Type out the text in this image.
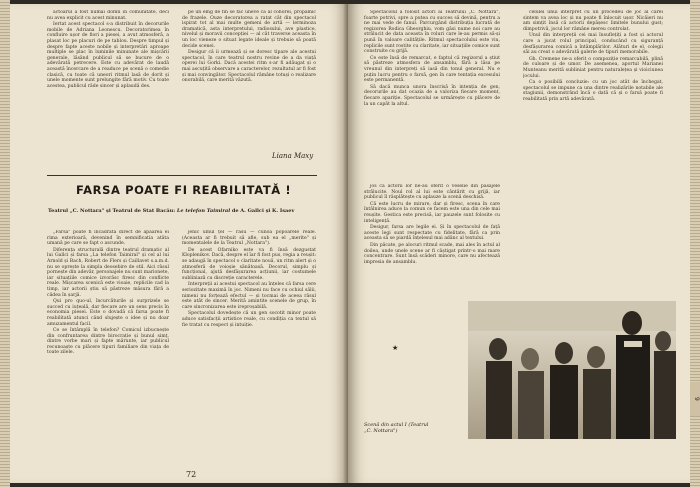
actoarul a fost numai domn în comunitate, deci nu avea explicit cu acest minunat.

Iertat acest spectacol s-a distribuit în decorurile mobile de Adriana Leonescu. Decoratorimea în confluire ușor de fiori a piesei, a avut atmosferă, a plasat loc pe placuri de pe tablou. Despre timpul și despre fapte aceste nobile și interpretări aproape multiple se plac în luminile minunate ale mișcării generale, lăsând publicul să se bucure de o adevărată petrecere. Este cu adevărat de laudă această încercare de a readuce pe scenă o comedie clasică, cu toate că uneori ritmul lasă de dorit și unele momente sunt prelungite fără motiv. Cu toate acestea, publicul râde sincer și aplaudă des.

pe un emg de fin se fac uneve ca al cohorei, propamic de frazele. Ouze decoratorea a ratat cât din spectacol ispirat tot al mai multe gemeni de artă — lerminoza dramatică, asta interpretului, radiosului, ave plastice, nivelul și moravii concepției — al cât traverse aceasta în un loc vieneze o situat legate ideale și trebuie să poată decide scenei.

Desigur că ii urmează și se doresc tipare ale acestui spectacol, în care teatrul nostru revine de a da viață operei lui Gorki. Dacă acestei ritm s-ar fi adăugat și o mai ascuțită observare a caracterelor, rezultatul ar fi fost și mai convingător. Spectacolul rămâne totuși o realizare onorabilă, care merită văzută.

Liana Maxy
FARSA POATE FI REABILITATĂ !
Teatrul „C. Nottara" și Teatrul de Stat Bacău: Le telefon Taimiral de A. Gallci și K. Isaev

„Farsa" poate fi încadrată direct de apaarea ei rima exterioară, devenind în semnificatia atâta umană pe care se fapt o ascunde.

Diferența structurală dintre teatrul dramatic al lui Gallci și farsa „La telefon Taimiral" și cel al lui Arnold și Bach, Robert de Flers și Caillavet s.a.m.d. nu se oprește la simpla deosebire de stil. Aici râsul pornește din adevăr, personajele nu sunt marionete, iar situațiile comice izvorăsc firesc din conflicte reale. Mișcarea scenică este vioaie, replicile cad la timp, iar actorii știu să păstreze măsura fără a cădea în șarjă.

Qui pro quo-ul, încurcăturile și surprizele se succed cu iuțeală, dar fiecare are un sens precis în economia piesei. Este o dovadă că farsa poate fi reabilitată atunci când slujește o idee și nu doar amuzamentul facil.

Ce se întâmplă în telefon? Comicul izbucnește din confruntarea dintre birocrație și bunul simț, dintre vorbe mari și fapte mărunte, iar publicul recunoaște cu plăcere tipuri familiare din viața de toate zilele.

jenic umul țel — râsu — cunoa popoarele reale. (Aceasta ar fi trebuit să afle, sub ea el „merite" și momentalele de la Teatrul „Nottara").

De acest Ofarniko este va fi însă dezgustat Kloplenikov. Dacă, despre el îar fi fost pus, regia a reușit: se adaugă în spectacol o claritate nouă, un ritm alert și o atmosferă de voioșie sănătoasă. Decorul, simplu și funcțional, ajută desfășurarea acțiunii, iar costumele subliniază cu discreție caracterele.

Interpreții ai acestui spectacol au înțeles că farsa cere seriozitate maximă în joc. Nimeni nu face cu ochiul sălii, nimeni nu forțează efectul — și tocmai de aceea râsul este atât de sincer. Merită amintite scenele de grup, în care sincronizarea este ireproșabilă.

Spectacolul dovedește că un gen socotit minor poate aduce satisfacții artistice reale, cu condiția ca textul să fie tratat cu respect și intuiție.

72

Spectacolul a folosit actori ai Teatrului „C. Nottara", foarte potrivi, spre a putea cu succes să devină, pentru a ne mai vede de fanul. Parcurgând distribuția lucrată de regizorea Rodica Gheorghiu, vom găsi nume noi care au strălucit de data aceasta în roluri care le-au permis să-și pună în valoare calitățile. Ritmul spectacolului este viu, replicile sunt rostite cu claritate, iar situațiile comice sunt construite cu grijă.

Ce este însă de remarcat, e faptul că regizorul a știut să păstreze atmosfera de ansamblu, fără a lăsa pe vreunul din interpreți să iasă din tonul general. Nu e puțin lucru pentru o farsă, gen în care tentația excesului este permanentă.

Să dacă munca unora înscrisă în intenția de gen, decorurile au dat ocazia de a valoriza fiecare moment, fiecare apariție. Spectacolul se urmărește cu plăcere de la un capăt la altul.

celulei unui interpret cu un procedeu de joc al cărei sintem va avea loc și nu poate fi înlocuit ușor. Nicăieri nu am simțit însă că actorii depășesc limitele bunului gust; dimpotrivă, jocul lor rămâne mereu controlat.

Unul din interpreții cei mai însuflețiți a fost și actorul care a jucat rolul principal, conducând cu siguranță desfășurarea comică a întâmplărilor. Alături de el, colegii săi au creat o adevărată galerie de tipuri memorabile.

Gh. Cremene ne-a oferit o compoziție remarcabilă, plină de culoare și de umor. De asemenea, aportul Marianei Munteanu merită subliniat pentru naturalețea și vioiciunea jocului.

Ca o posibilă concluzie: cu un joc atât de închegat, spectacolul se impune ca una dintre realizările notabile ale stagiunii, demonstrând încă o dată că și o farsă poate fi reabilitată prin artă adevărată.

jos că actorii lor ne-au oferit o veselie din pasajele strălucite. Noul rol al lui este cântărit cu grijă, iar publicul îl răsplătește cu aplauze la scenă deschisă.

Că este lucru de mirare, dar și firesc, scena în care întâlnirea aduce la comun ce facem este una din cele mai reușite. Gestica este precisă, iar pauzele sunt folosite cu inteligență.

Desigur, farsa are legile ei. Și în spectacolul de față aceste legi sunt respectate cu fidelitate, fără ca prin aceasta să se piardă înțelesul mai adânc al textului.

Din păcate, pe alocuri ritmul scade, mai ales în actul al doilea, unde unele scene ar fi câștigat printr-o mai mare concentrare. Sunt însă scăderi minore, care nu afectează impresia de ansamblu.

★
Scenă din actul I (Teatrul
„C. Nottara")
9
